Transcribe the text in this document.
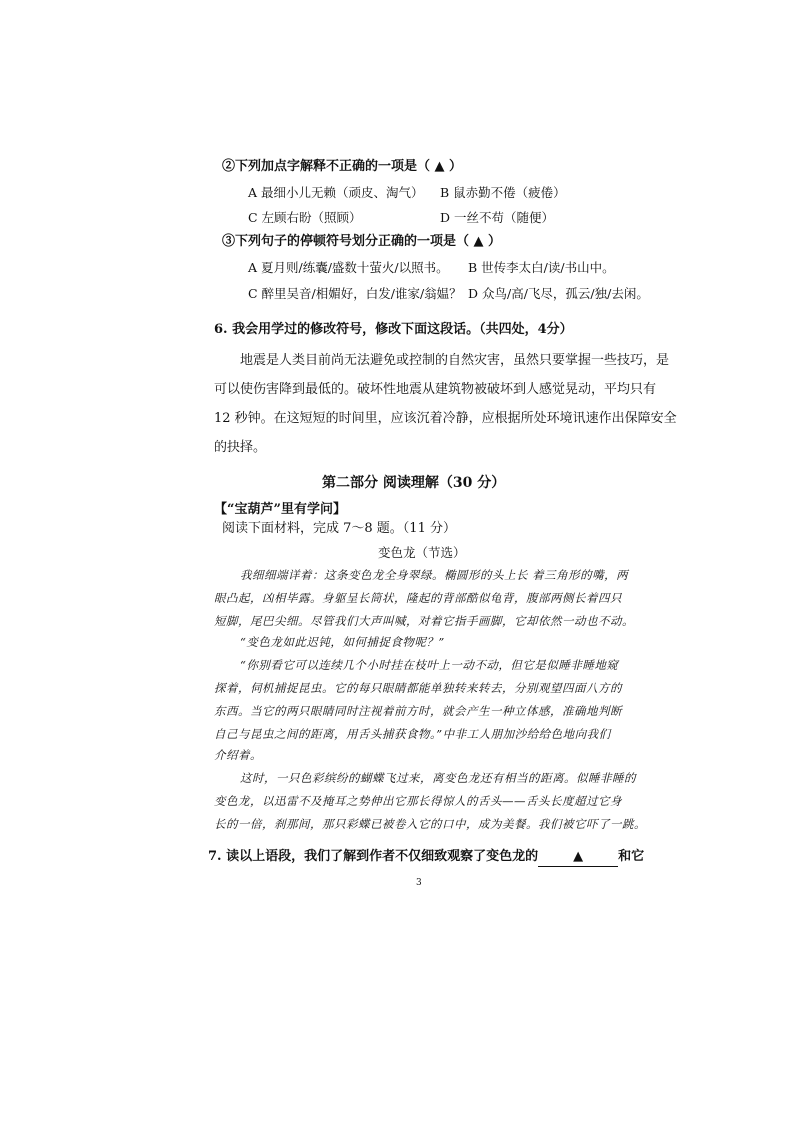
②下列加点字解释不正确的一项是（ ▲ ）
A 最细小儿无赖（顽皮、淘气） B 鼠赤勤不倦（疲倦）
C 左顾右盼（照顾）	D 一丝不苟（随便）
③下列句子的停顿符号划分正确的一项是（ ▲ ）
A 夏月则/练囊/盛数十萤火/以照书。 B 世传李太白/读/书山中。
C 醉里吴音/相媚好，白发/谁家/翁媪？ D 众鸟/高/飞尽，孤云/独/去闲。
6. 我会用学过的修改符号，修改下面这段话。（共四处，4分）
地震是人类目前尚无法避免或控制的自然灾害，虽然只要掌握一些技巧，是
可以使伤害降到最低的。破坏性地震从建筑物被破坏到人感觉晃动，平均只有
12 秒钟。在这短短的时间里，应该沉着冷静，应根据所处环境讯速作出保障安全
的抉择。
第二部分 阅读理解（30 分）
【“宝葫芦”里有学问】
阅读下面材料，完成 7～8 题。（11 分）
变色龙（节选）
我细细端详着：这条变色龙全身翠绿。椭圆形的头上长 着三角形的嘴，两
眼凸起，凶相毕露。身躯呈长筒状，隆起的背部酷似龟背，腹部两侧长着四只
短脚，尾巴尖细。尽管我们大声叫喊，对着它指手画脚，它却依然一动也不动。
“变色龙如此迟钝，如何捕捉食物呢？”
“你别看它可以连续几个小时挂在枝叶上一动不动，但它是似睡非睡地窥
探着，伺机捕捉昆虫。它的每只眼睛都能单独转来转去，分别观望四面八方的
东西。当它的两只眼睛同时注视着前方时，就会产生一种立体感，准确地判断
自己与昆虫之间的距离，用舌头捕获食物。”中非工人朋加沙给给色地向我们
介绍着。
这时，一只色彩缤纷的蝴蝶飞过来，离变色龙还有相当的距离。似睡非睡的
变色龙，以迅雷不及掩耳之势伸出它那长得惊人的舌头——舌头长度超过它身
长的一倍，刹那间，那只彩蝶已被卷入它的口中，成为美餐。我们被它吓了一跳。
7. 读以上语段，我们了解到作者不仅细致观察了变色龙的	▲	和它
3
